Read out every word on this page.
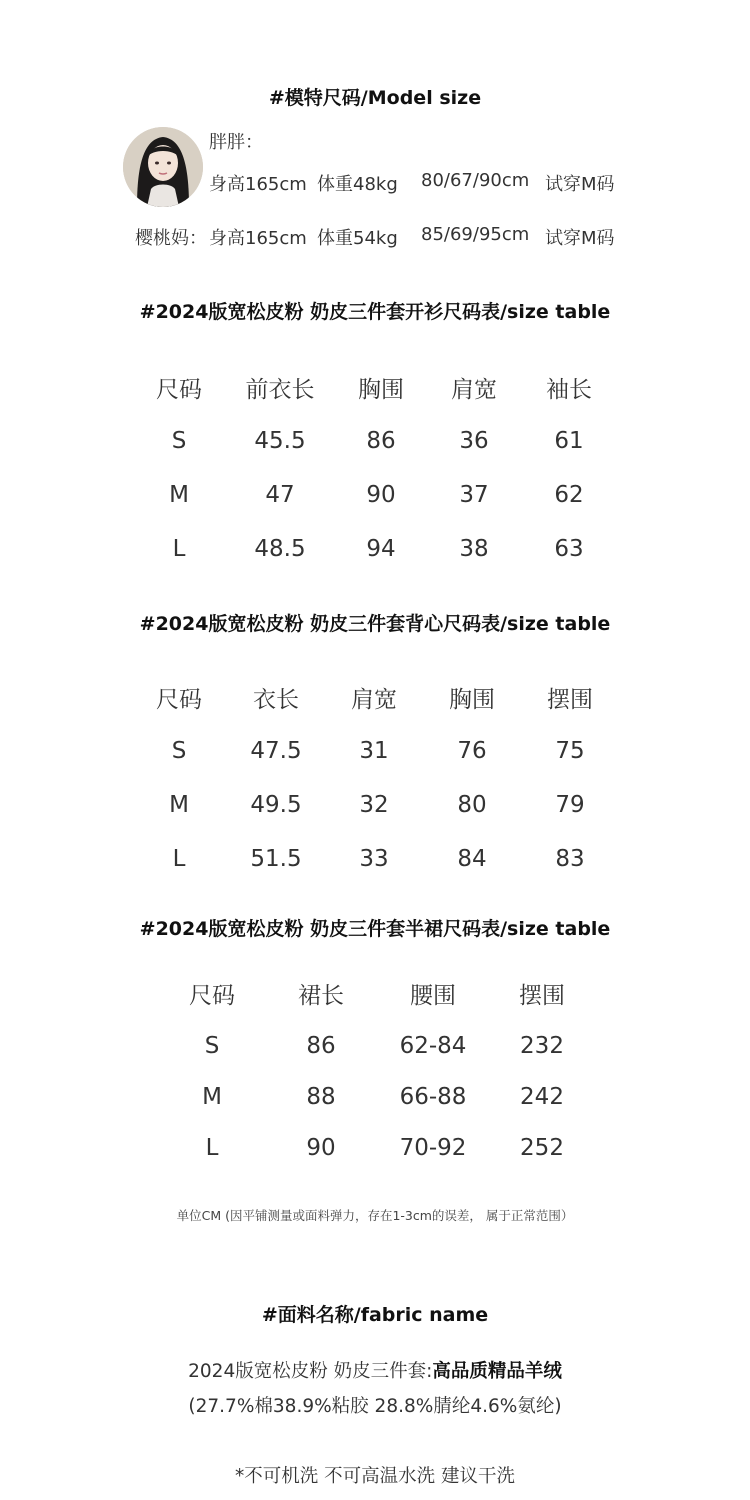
#模特尺码/Model size
胖胖：
身高165cm 体重48kg 80/67/90cm 试穿M码
樱桃妈： 身高165cm 体重54kg 85/69/95cm 试穿M码
#2024版宽松皮粉 奶皮三件套开衫尺码表/size table
尺码	前衣长	胸围	肩宽	袖长
S	45.5	86	36	61
M	47	90	37	62
L	48.5	94	38	63
#2024版宽松皮粉 奶皮三件套背心尺码表/size table
尺码	衣长	肩宽	胸围	摆围
S	47.5	31	76	75
M	49.5	32	80	79
L	51.5	33	84	83
#2024版宽松皮粉 奶皮三件套半裙尺码表/size table
尺码	裙长	腰围	摆围
S	86	62-84	232
M	88	66-88	242
L	90	70-92	252
单位CM (因平铺测量或面料弹力，存在1-3cm的误差， 属于正常范围）
#面料名称/fabric name
2024版宽松皮粉 奶皮三件套:高品质精品羊绒
(27.7%棉38.9%粘胶 28.8%腈纶4.6%氨纶)
*不可机洗 不可高温水洗 建议干洗
